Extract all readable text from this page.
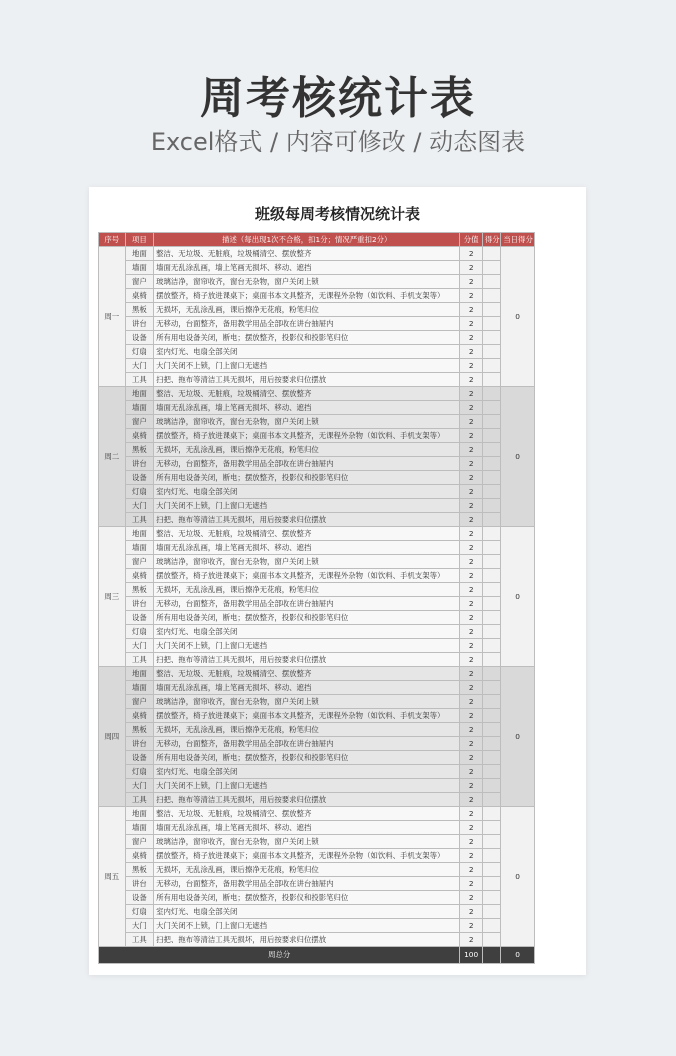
周考核统计表
Excel格式 / 内容可修改 / 动态图表
班级每周考核情况统计表
序号	项目	描述（每出现1次不合格，扣1分；情况严重扣2分）	分值	得分	当日得分
周一	地面	整洁、无垃圾、无脏痕，垃圾桶清空、摆放整齐	2		0
	墙面	墙面无乱涂乱画，墙上笔画无损坏、移动、遮挡	2		
	窗户	玻璃洁净，窗帘收齐，窗台无杂物，窗户关闭上锁	2		
	桌椅	摆放整齐，椅子放进课桌下；桌面书本文具整齐，无课程外杂物（如饮料、手机支架等）	2		
	黑板	无损坏，无乱涂乱画，课后擦净无花痕，粉笔归位	2		
	讲台	无移动，台面整齐，备用教学用品全部收在讲台抽屉内	2		
	设备	所有用电设备关闭，断电；摆放整齐，投影仪和投影笔归位	2		
	灯扇	室内灯光、电扇全部关闭	2		
	大门	大门关闭不上锁，门上窗口无遮挡	2		
	工具	扫把、拖布等清洁工具无损坏，用后按要求归位摆放	2		
周二	地面	整洁、无垃圾、无脏痕，垃圾桶清空、摆放整齐	2		0
	墙面	墙面无乱涂乱画，墙上笔画无损坏、移动、遮挡	2		
	窗户	玻璃洁净，窗帘收齐，窗台无杂物，窗户关闭上锁	2		
	桌椅	摆放整齐，椅子放进课桌下；桌面书本文具整齐，无课程外杂物（如饮料、手机支架等）	2		
	黑板	无损坏，无乱涂乱画，课后擦净无花痕，粉笔归位	2		
	讲台	无移动，台面整齐，备用教学用品全部收在讲台抽屉内	2		
	设备	所有用电设备关闭，断电；摆放整齐，投影仪和投影笔归位	2		
	灯扇	室内灯光、电扇全部关闭	2		
	大门	大门关闭不上锁，门上窗口无遮挡	2		
	工具	扫把、拖布等清洁工具无损坏，用后按要求归位摆放	2		
周三	地面	整洁、无垃圾、无脏痕，垃圾桶清空、摆放整齐	2		0
	墙面	墙面无乱涂乱画，墙上笔画无损坏、移动、遮挡	2		
	窗户	玻璃洁净，窗帘收齐，窗台无杂物，窗户关闭上锁	2		
	桌椅	摆放整齐，椅子放进课桌下；桌面书本文具整齐，无课程外杂物（如饮料、手机支架等）	2		
	黑板	无损坏，无乱涂乱画，课后擦净无花痕，粉笔归位	2		
	讲台	无移动，台面整齐，备用教学用品全部收在讲台抽屉内	2		
	设备	所有用电设备关闭，断电；摆放整齐，投影仪和投影笔归位	2		
	灯扇	室内灯光、电扇全部关闭	2		
	大门	大门关闭不上锁，门上窗口无遮挡	2		
	工具	扫把、拖布等清洁工具无损坏，用后按要求归位摆放	2		
周四	地面	整洁、无垃圾、无脏痕，垃圾桶清空、摆放整齐	2		0
	墙面	墙面无乱涂乱画，墙上笔画无损坏、移动、遮挡	2		
	窗户	玻璃洁净，窗帘收齐，窗台无杂物，窗户关闭上锁	2		
	桌椅	摆放整齐，椅子放进课桌下；桌面书本文具整齐，无课程外杂物（如饮料、手机支架等）	2		
	黑板	无损坏，无乱涂乱画，课后擦净无花痕，粉笔归位	2		
	讲台	无移动，台面整齐，备用教学用品全部收在讲台抽屉内	2		
	设备	所有用电设备关闭，断电；摆放整齐，投影仪和投影笔归位	2		
	灯扇	室内灯光、电扇全部关闭	2		
	大门	大门关闭不上锁，门上窗口无遮挡	2		
	工具	扫把、拖布等清洁工具无损坏，用后按要求归位摆放	2		
周五	地面	整洁、无垃圾、无脏痕，垃圾桶清空、摆放整齐	2		0
	墙面	墙面无乱涂乱画，墙上笔画无损坏、移动、遮挡	2		
	窗户	玻璃洁净，窗帘收齐，窗台无杂物，窗户关闭上锁	2		
	桌椅	摆放整齐，椅子放进课桌下；桌面书本文具整齐，无课程外杂物（如饮料、手机支架等）	2		
	黑板	无损坏，无乱涂乱画，课后擦净无花痕，粉笔归位	2		
	讲台	无移动，台面整齐，备用教学用品全部收在讲台抽屉内	2		
	设备	所有用电设备关闭，断电；摆放整齐，投影仪和投影笔归位	2		
	灯扇	室内灯光、电扇全部关闭	2		
	大门	大门关闭不上锁，门上窗口无遮挡	2		
	工具	扫把、拖布等清洁工具无损坏，用后按要求归位摆放	2		
周总分			100		0
